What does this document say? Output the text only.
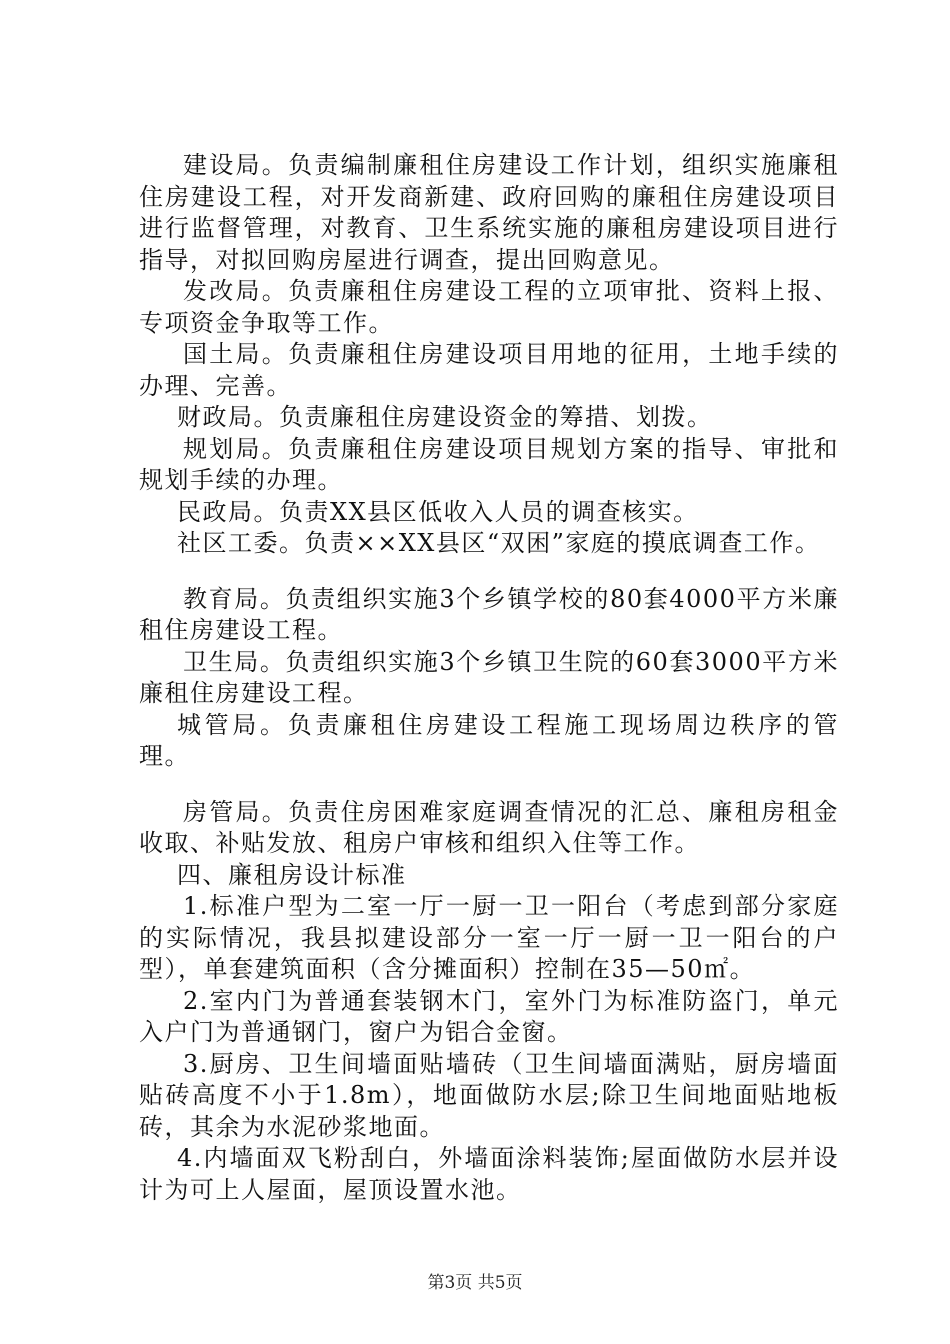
建设局。负责编制廉租住房建设工作计划，组织实施廉租住房建设工程，对开发商新建、政府回购的廉租住房建设项目进行监督管理，对教育、卫生系统实施的廉租房建设项目进行指导，对拟回购房屋进行调查，提出回购意见。

发改局。负责廉租住房建设工程的立项审批、资料上报、专项资金争取等工作。

国土局。负责廉租住房建设项目用地的征用，土地手续的办理、完善。

财政局。负责廉租住房建设资金的筹措、划拨。

规划局。负责廉租住房建设项目规划方案的指导、审批和规划手续的办理。

民政局。负责XX县区低收入人员的调查核实。

社区工委。负责××XX县区“双困”家庭的摸底调查工作。

教育局。负责组织实施3个乡镇学校的80套4000平方米廉租住房建设工程。

卫生局。负责组织实施3个乡镇卫生院的60套3000平方米廉租住房建设工程。

城管局。负责廉租住房建设工程施工现场周边秩序的管理。

房管局。负责住房困难家庭调查情况的汇总、廉租房租金收取、补贴发放、租房户审核和组织入住等工作。

四、廉租房设计标准

1.标准户型为二室一厅一厨一卫一阳台（考虑到部分家庭的实际情况，我县拟建设部分一室一厅一厨一卫一阳台的户型），单套建筑面积（含分摊面积）控制在35—50㎡。

2.室内门为普通套装钢木门，室外门为标准防盗门，单元入户门为普通钢门，窗户为铝合金窗。

3.厨房、卫生间墙面贴墙砖（卫生间墙面满贴，厨房墙面贴砖高度不小于1.8m），地面做防水层;除卫生间地面贴地板砖，其余为水泥砂浆地面。

4.内墙面双飞粉刮白，外墙面涂料装饰;屋面做防水层并设计为可上人屋面，屋顶设置水池。

第3页 共5页
